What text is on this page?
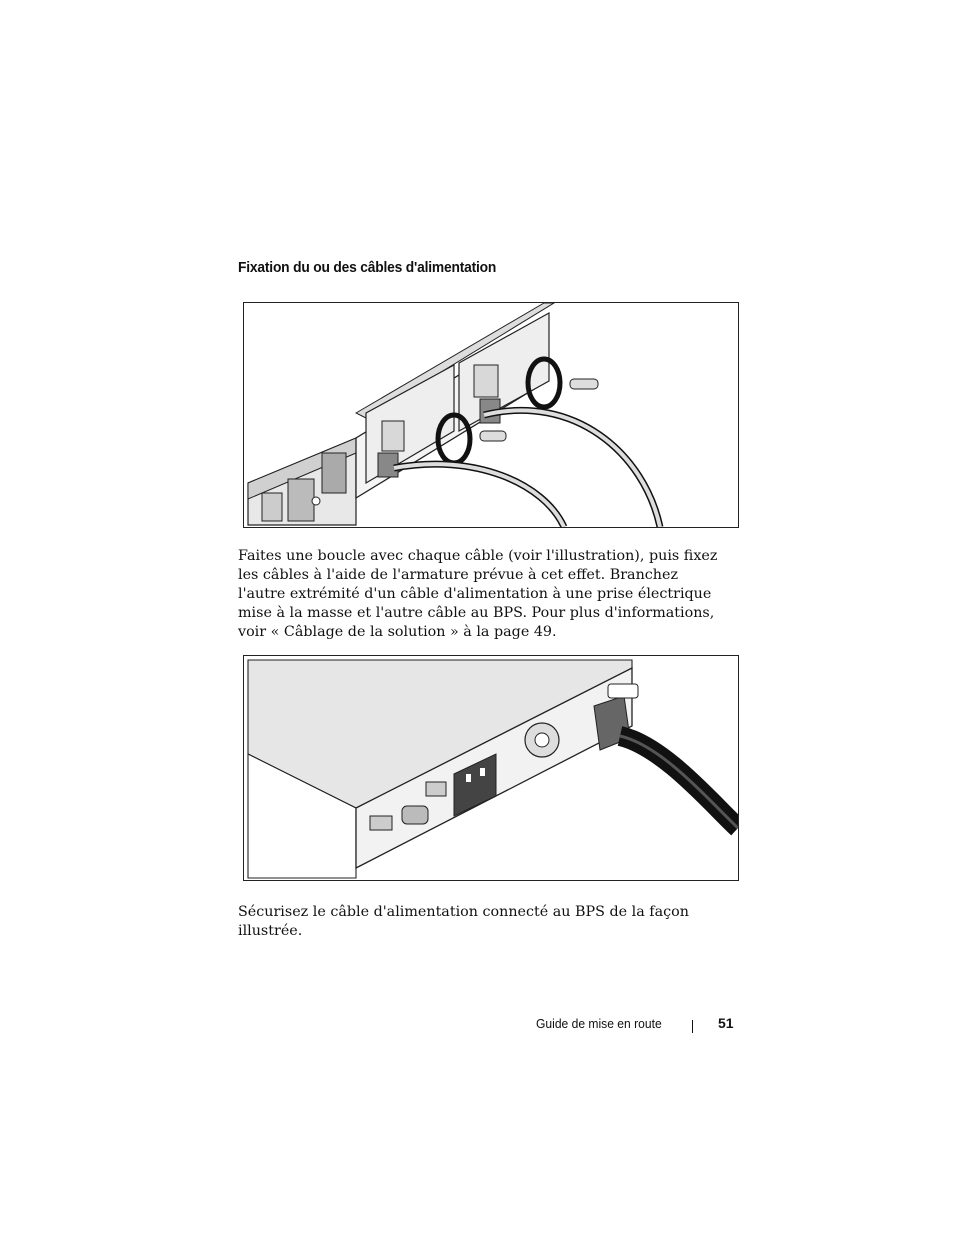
Fixation du ou des câbles d'alimentation

Faites une boucle avec chaque câble (voir l'illustration), puis fixez les câbles à l'aide de l'armature prévue à cet effet. Branchez l'autre extrémité d'un câble d'alimentation à une prise électrique mise à la masse et l'autre câble au BPS. Pour plus d'informations, voir « Câblage de la solution » à la page 49.

Sécurisez le câble d'alimentation connecté au BPS de la façon illustrée.

Guide de mise en route	51
